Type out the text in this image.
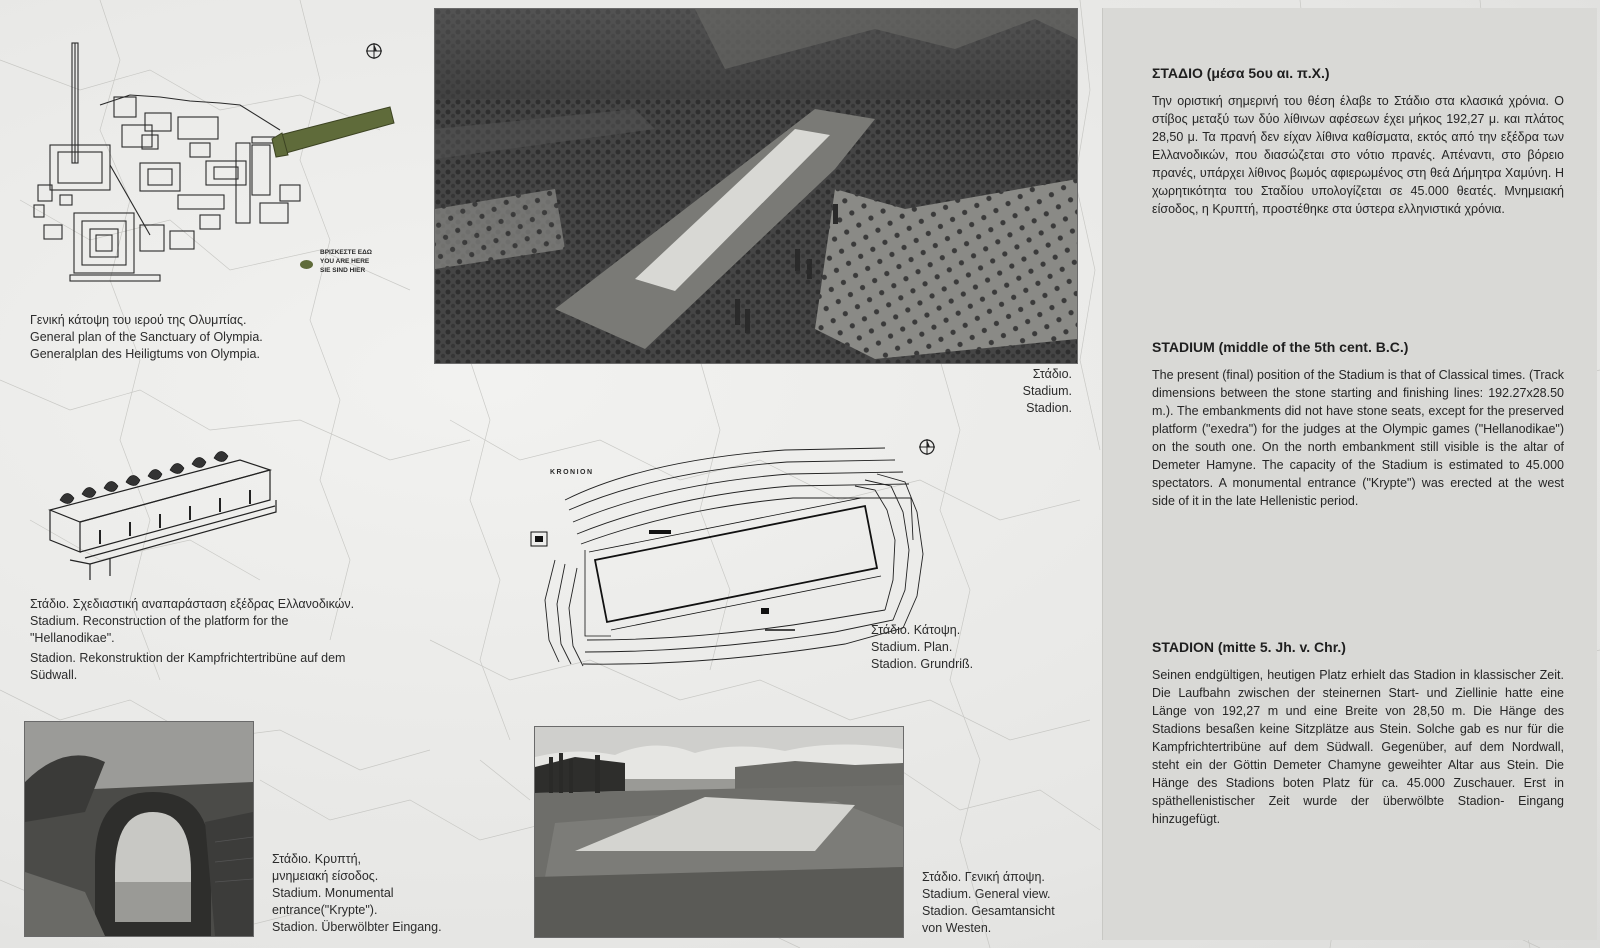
ΒΡΙΣΚΕΣΤΕ ΕΔΩ
YOU ARE HERE
SIE SIND HIER
Γενική κάτοψη του ιερού της Ολυμπίας.
General plan of the Sanctuary of Olympia.
Generalplan des Heiligtums von Olympia.
Στάδιο.
Stadium.
Stadion.
Στάδιο. Σχεδιαστική αναπαράσταση εξέδρας Ελλανοδικών.
Stadium. Reconstruction of the platform for the
"Hellanodikae".
Stadion. Rekonstruktion der Kampfrichtertribüne auf dem
Südwall.
KRONION
Στάδιο. Κάτοψη.
Stadium. Plan.
Stadion. Grundriß.
Στάδιο. Κρυπτή,
μνημειακή είσοδος.
Stadium. Monumental
entrance("Krypte").
Stadion. Überwölbter Eingang.
Στάδιο. Γενική άποψη.
Stadium. General view.
Stadion. Gesamtansicht
von Westen.
ΣΤΑΔΙΟ (μέσα 5ου αι. π.Χ.)
Την οριστική σημερινή του θέση έλαβε το Στάδιο στα κλασικά χρόνια. Ο στίβος μεταξύ των δύο λίθινων αφέσεων έχει μήκος 192,27 μ. και πλάτος 28,50 μ. Τα πρανή δεν είχαν λίθινα καθίσματα, εκτός από την εξέδρα των Ελλανοδικών, που διασώζεται στο νότιο πρανές. Απέναντι, στο βόρειο πρανές, υπάρχει λίθινος βωμός αφιερωμένος στη θεά Δήμητρα Χαμύνη. Η χωρητικότητα του Σταδίου υπολογίζεται σε 45.000 θεατές. Μνημειακή είσοδος, η Κρυπτή, προστέθηκε στα ύστερα ελληνιστικά χρόνια.
STADIUM (middle of the 5th cent. B.C.)
The present (final) position of the Stadium is that of Classical times. (Track dimensions between the stone starting and finishing lines: 192.27x28.50 m.). The embankments did not have stone seats, except for the preserved platform ("exedra") for the judges at the Olympic games ("Hellanodikae") on the south one. On the north embankment still visible is the altar of Demeter Hamyne. The capacity of the Stadium is estimated to 45.000 spectators. A monumental entrance ("Krypte") was erected at the west side of it in the late Hellenistic period.
STADION (mitte 5. Jh. v. Chr.)
Seinen endgültigen, heutigen Platz erhielt das Stadion in klassischer Zeit. Die Laufbahn zwischen der steinernen Start- und Ziellinie hatte eine Länge von 192,27 m und eine Breite von 28,50 m. Die Hänge des Stadions besaßen keine Sitzplätze aus Stein. Solche gab es nur für die Kampfrichtertribüne auf dem Südwall. Gegenüber, auf dem Nordwall, steht ein der Göttin Demeter Chamyne geweihter Altar aus Stein. Die Hänge des Stadions boten Platz für ca. 45.000 Zuschauer. Erst in späthellenistischer Zeit wurde der überwölbte Stadion- Eingang hinzugefügt.
